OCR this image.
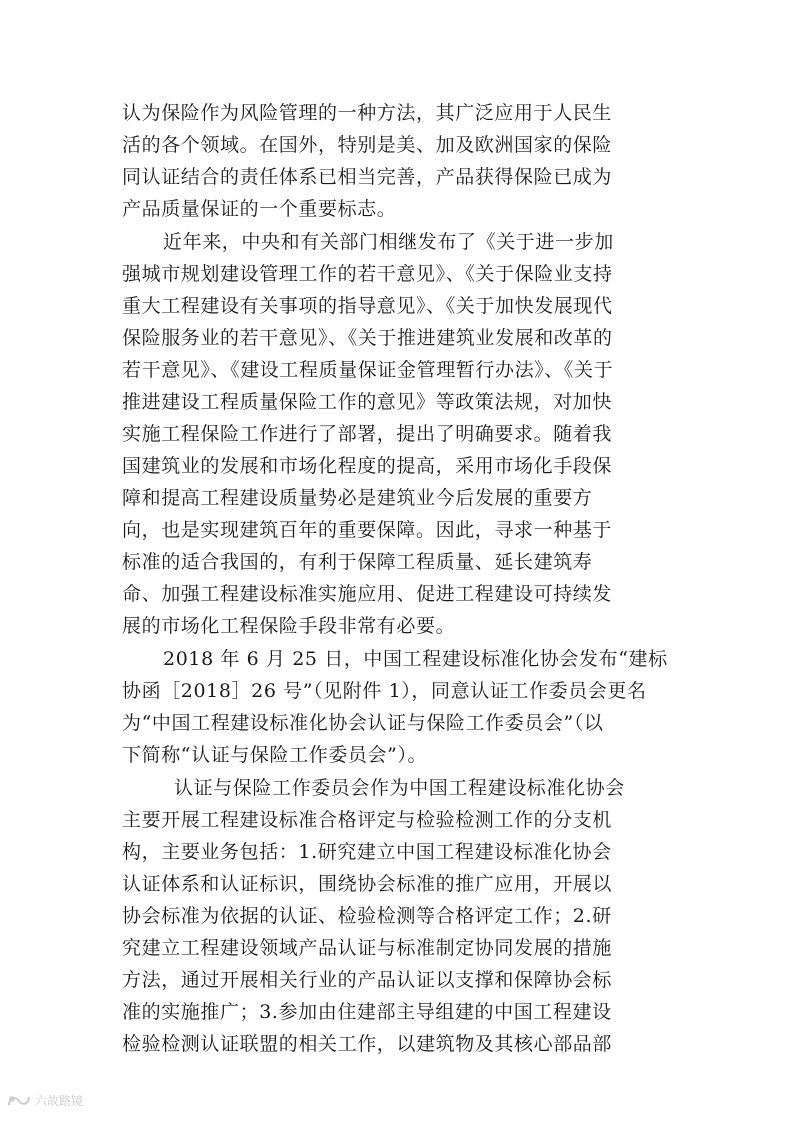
认为保险作为风险管理的一种方法，其广泛应用于人民生
活的各个领域。在国外，特别是美、加及欧洲国家的保险
同认证结合的责任体系已相当完善，产品获得保险已成为
产品质量保证的一个重要标志。
近年来，中央和有关部门相继发布了《关于进一步加
强城市规划建设管理工作的若干意见》、《关于保险业支持
重大工程建设有关事项的指导意见》、《关于加快发展现代
保险服务业的若干意见》、《关于推进建筑业发展和改革的
若干意见》、《建设工程质量保证金管理暂行办法》、《关于
推进建设工程质量保险工作的意见》等政策法规，对加快
实施工程保险工作进行了部署，提出了明确要求。随着我
国建筑业的发展和市场化程度的提高，采用市场化手段保
障和提高工程建设质量势必是建筑业今后发展的重要方
向，也是实现建筑百年的重要保障。因此，寻求一种基于
标准的适合我国的，有利于保障工程质量、延长建筑寿
命、加强工程建设标准实施应用、促进工程建设可持续发
展的市场化工程保险手段非常有必要。
2018 年 6 月 25 日，中国工程建设标准化协会发布“建标
协函［2018］26 号”（见附件 1），同意认证工作委员会更名
为“中国工程建设标准化协会认证与保险工作委员会”（以
下简称“认证与保险工作委员会”）。
认证与保险工作委员会作为中国工程建设标准化协会
主要开展工程建设标准合格评定与检验检测工作的分支机
构，主要业务包括：1.研究建立中国工程建设标准化协会
认证体系和认证标识，围绕协会标准的推广应用，开展以
协会标准为依据的认证、检验检测等合格评定工作；2.研
究建立工程建设领域产品认证与标准制定协同发展的措施
方法，通过开展相关行业的产品认证以支撑和保障协会标
准的实施推广；3.参加由住建部主导组建的中国工程建设
检验检测认证联盟的相关工作，以建筑物及其核心部品部
六故路镜
